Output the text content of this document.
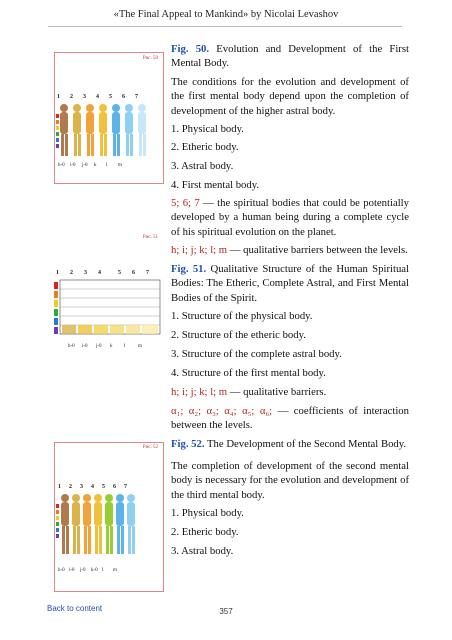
«The Final Appeal to Mankind» by Nicolai Levashov
Рис. 50
1 2 3 4 5 6 7
h-0 i-0 j-0 k l m
Рис. 51
1 2 3 4	5 6 7
h-0 i-0 j-0 k l	m
Рис. 52
1 2 3 4 5 6 7
h-0 i-0 j-0 k-0 l m

Fig. 50. Evolution and Development of the First Mental Body.

The conditions for the evolution and development of the first mental body depend upon the completion of development of the higher astral body.

1. Physical body.

2. Etheric body.

3. Astral body.

4. First mental body.

5; 6; 7 — the spiritual bodies that could be potentially developed by a human being during a complete cycle of his spiritual evolution on the planet.

h; i; j; k; l; m — qualitative barriers between the levels.

Fig. 51. Qualitative Structure of the Human Spiritual Bodies: The Etheric, Complete Astral, and First Mental Bodies of the Spirit.

1. Structure of the physical body.

2. Structure of the etheric body.

3. Structure of the complete astral body.

4. Structure of the first mental body.

h; i; j; k; l; m — qualitative barriers.

α₁; α₂; α₃; α₄; α₅; α₆; — coefficients of interaction between the levels.

Fig. 52. The Development of the Second Mental Body.

The completion of development of the second mental body is necessary for the evolution and development of the third mental body.

1. Physical body.

2. Etheric body.

3. Astral body.

Back to content	357
